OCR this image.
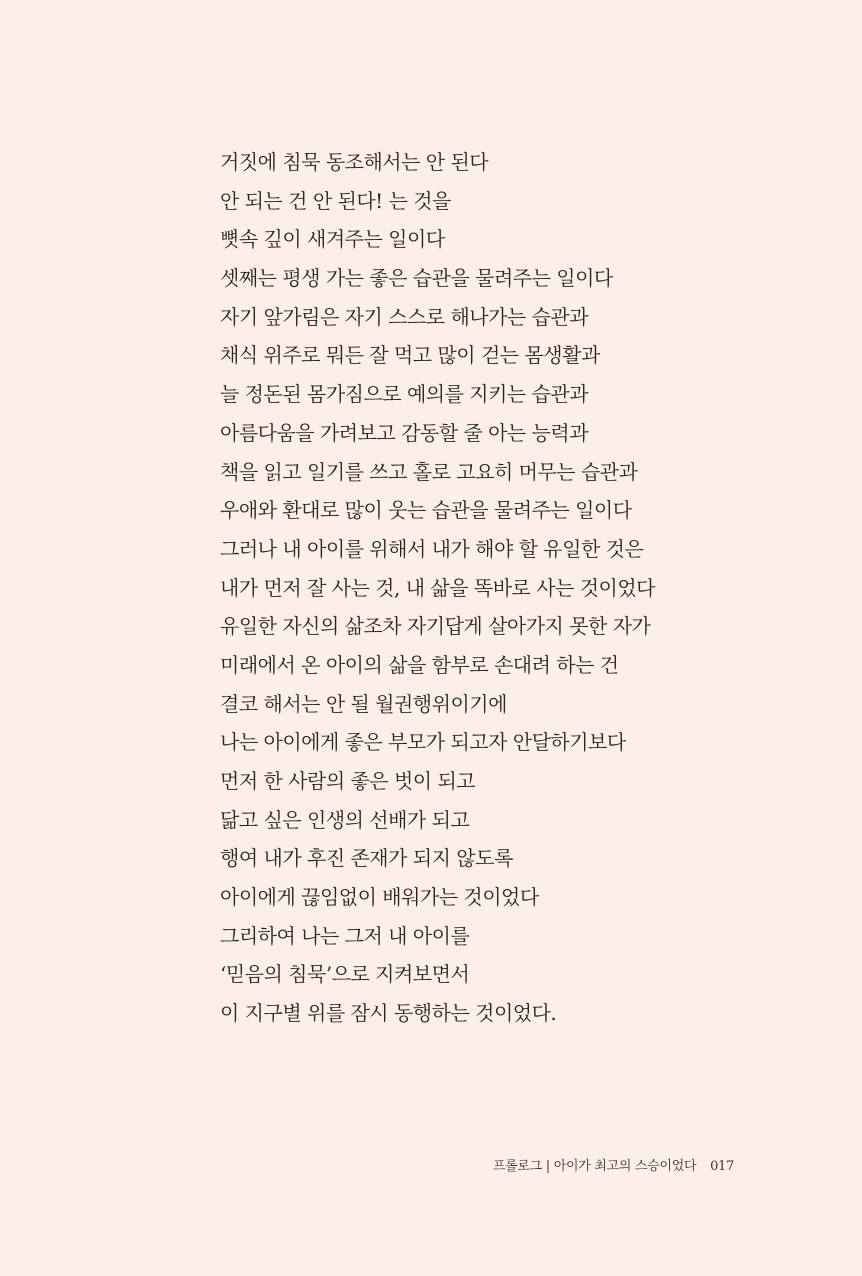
거짓에 침묵 동조해서는 안 된다
안 되는 건 안 된다! 는 것을
뼛속 깊이 새겨주는 일이다
셋째는 평생 가는 좋은 습관을 물려주는 일이다
자기 앞가림은 자기 스스로 해나가는 습관과
채식 위주로 뭐든 잘 먹고 많이 걷는 몸생활과
늘 정돈된 몸가짐으로 예의를 지키는 습관과
아름다움을 가려보고 감동할 줄 아는 능력과
책을 읽고 일기를 쓰고 홀로 고요히 머무는 습관과
우애와 환대로 많이 웃는 습관을 물려주는 일이다
그러나 내 아이를 위해서 내가 해야 할 유일한 것은
내가 먼저 잘 사는 것, 내 삶을 똑바로 사는 것이었다
유일한 자신의 삶조차 자기답게 살아가지 못한 자가
미래에서 온 아이의 삶을 함부로 손대려 하는 건
결코 해서는 안 될 월권행위이기에
나는 아이에게 좋은 부모가 되고자 안달하기보다
먼저 한 사람의 좋은 벗이 되고
닮고 싶은 인생의 선배가 되고
행여 내가 후진 존재가 되지 않도록
아이에게 끊임없이 배워가는 것이었다
그리하여 나는 그저 내 아이를
‘믿음의 침묵’으로 지켜보면서
이 지구별 위를 잠시 동행하는 것이었다.
프롤로그 | 아이가 최고의 스승이었다 017
